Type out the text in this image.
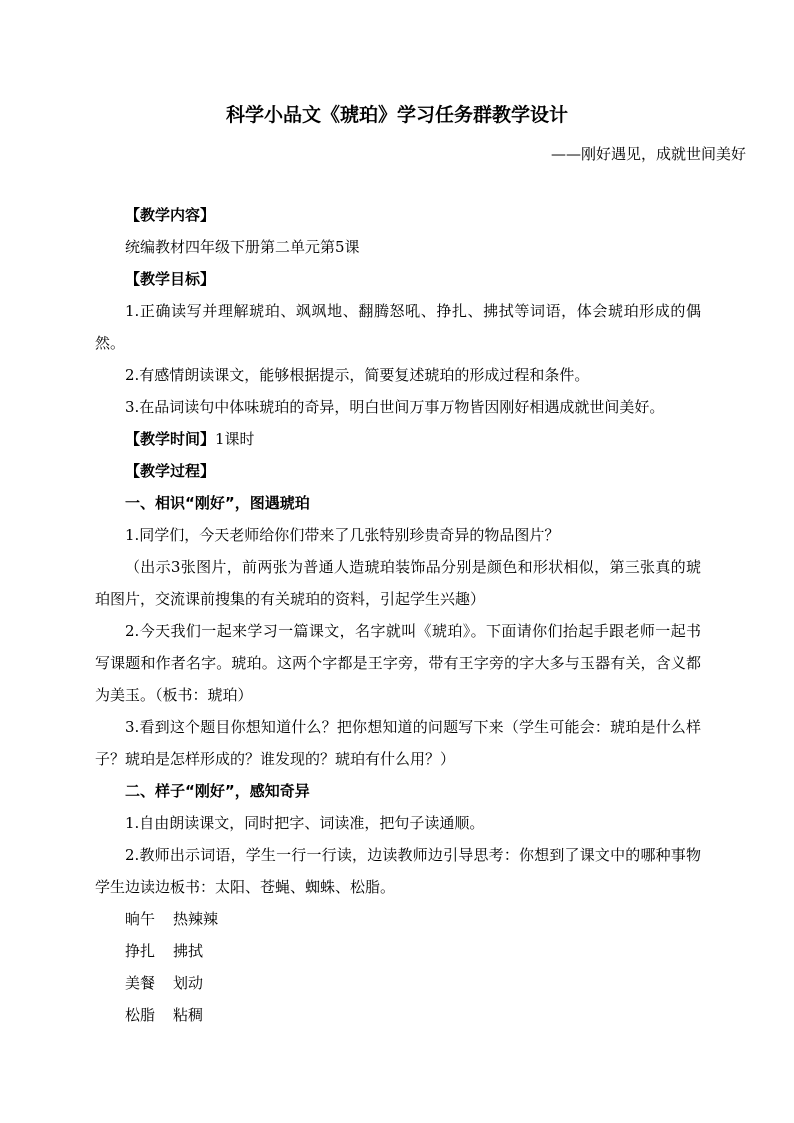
科学小品文《琥珀》学习任务群教学设计
——刚好遇见，成就世间美好

【教学内容】

统编教材四年级下册第二单元第5课

【教学目标】

1.正确读写并理解琥珀、飒飒地、翻腾怒吼、挣扎、拂拭等词语，体会琥珀形成的偶然。

2.有感情朗读课文，能够根据提示，简要复述琥珀的形成过程和条件。

3.在品词读句中体味琥珀的奇异，明白世间万事万物皆因刚好相遇成就世间美好。

【教学时间】1课时

【教学过程】

一、相识“刚好”，图遇琥珀

1.同学们，今天老师给你们带来了几张特别珍贵奇异的物品图片？

（出示3张图片，前两张为普通人造琥珀装饰品分别是颜色和形状相似，第三张真的琥珀图片，交流课前搜集的有关琥珀的资料，引起学生兴趣）

2.今天我们一起来学习一篇课文，名字就叫《琥珀》。下面请你们抬起手跟老师一起书写课题和作者名字。琥珀。这两个字都是王字旁，带有王字旁的字大多与玉器有关，含义都为美玉。（板书：琥珀）

3.看到这个题目你想知道什么？把你想知道的问题写下来（学生可能会：琥珀是什么样子？琥珀是怎样形成的？谁发现的？琥珀有什么用？）

二、样子“刚好”，感知奇异

1.自由朗读课文，同时把字、词读准，把句子读通顺。

2.教师出示词语，学生一行一行读，边读教师边引导思考：你想到了课文中的哪种事物学生边读边板书：太阳、苍蝇、蜘蛛、松脂。

晌午 热辣辣
挣扎 拂拭
美餐 划动
松脂 粘稠
